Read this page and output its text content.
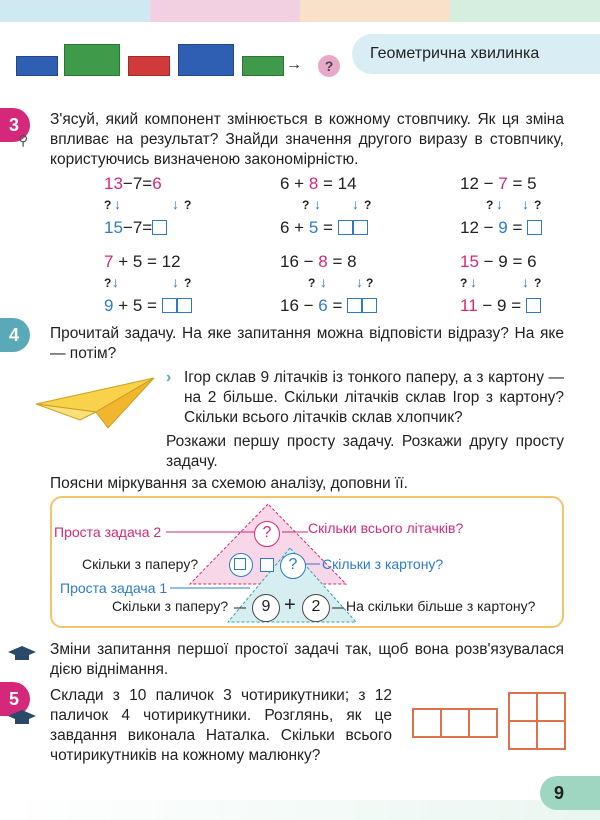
→	?
Геометрична хвилинка
3
⚲
З'ясуй, який компонент змінюється в кожному стовпчику. Як ця зміна впливає на результат? Знайди значення другого виразу в стовпчику, користуючись визначеною закономірністю.
13−7=6
15−7=
? ↓	?
↓
6 + 8 = 14
6 + 5 =
? ↓	?
↓
12 − 7 = 5
12 − 9 =
? ↓	?
↓
7 + 5 = 12
9 + 5 =
? ↓	?
↓
16 − 8 = 8
16 − 6 =
? ↓	?
↓
15 − 9 = 6
11 − 9 =
? ↓	?
↓
4	Прочитай задачу. На яке запитання можна відповісти відразу? На яке — потім?
› Ігор склав 9 літачків із тонкого паперу, а з картону — на 2 більше. Скільки літачків склав Ігор з картону? Скільки всього літачків склав хлопчик?
Розкажи першу просту задачу. Розкажи другу просту задачу.
Поясни міркування за схемою аналізу, доповни її.
Проста задача 2	?	Скільки всього літачків?
Скільки з паперу?	?	Скільки з картону?
Проста задача 1
Скільки з паперу?	9 + 2	На скільки більше з картону?
Зміни запитання першої простої задачі так, щоб вона розв'язувалася дією віднімання.
5	Склади з 10 паличок 3 чотирикутники; з 12 паличок 4 чотирикутники. Розглянь, як це завдання виконала Наталка. Скільки всього чотирикутників на кожному малюнку?
9
